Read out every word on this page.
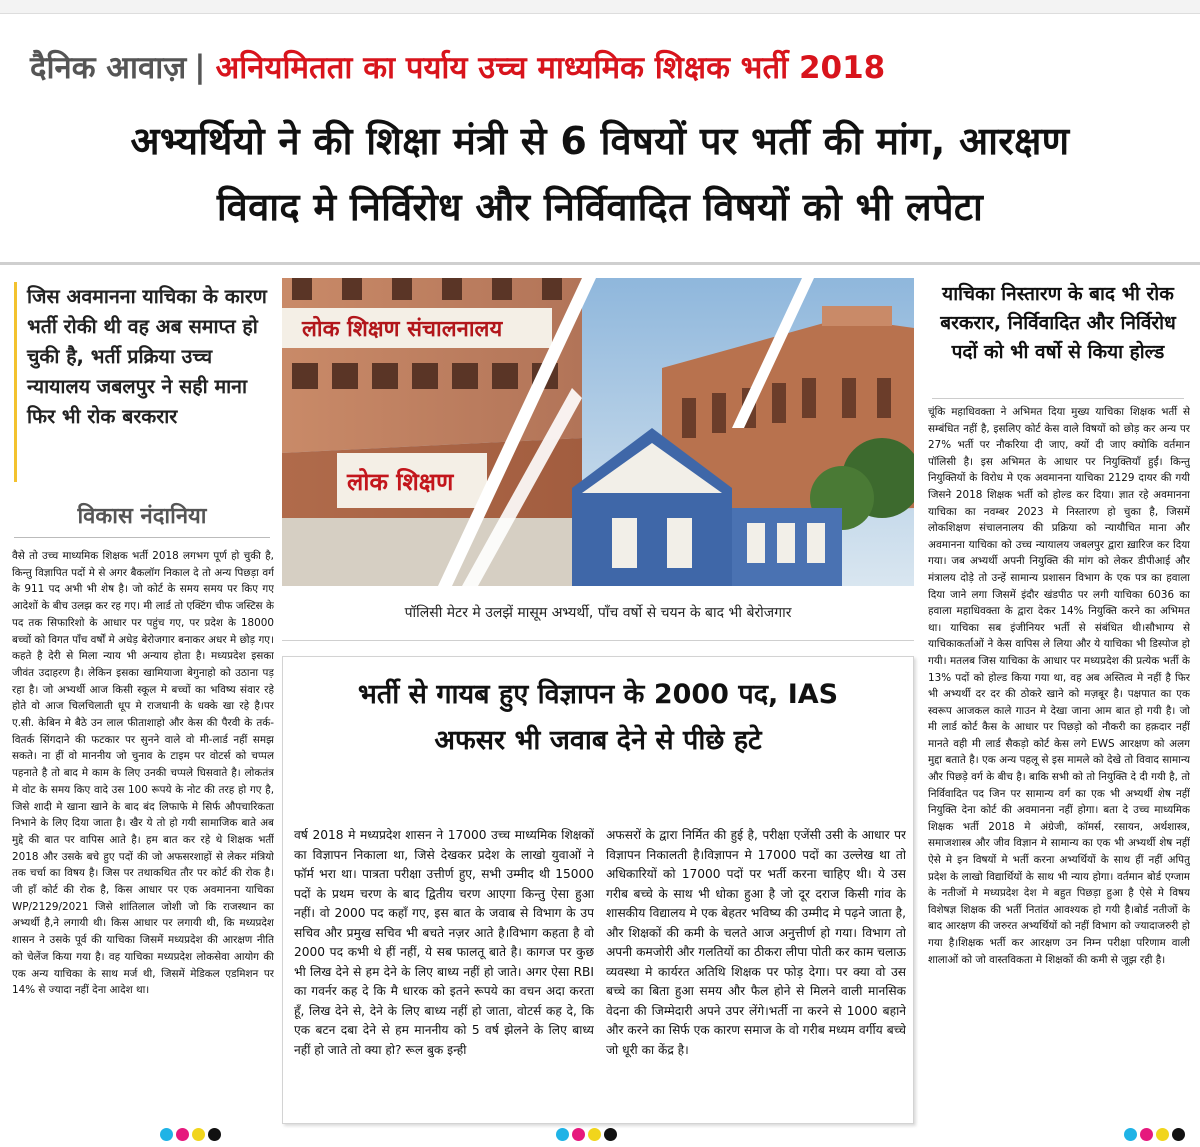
दैनिक आवाज़ | अनियमितता का पर्याय उच्च माध्यमिक शिक्षक भर्ती 2018
अभ्यर्थियो ने की शिक्षा मंत्री से 6 विषयों पर भर्ती की मांग, आरक्षण
विवाद मे निर्विरोध और निर्विवादित विषयों को भी लपेटा
जिस अवमानना याचिका के कारण भर्ती रोकी थी वह अब समाप्त हो चुकी है, भर्ती प्रक्रिया उच्च न्यायालय जबलपुर ने सही माना फिर भी रोक बरकरार
विकास नंदानिया
वैसे तो उच्च माध्यमिक शिक्षक भर्ती 2018 लगभग पूर्ण हो चुकी है, किन्तु विज्ञापित पदों मे से अगर बैकलॉग निकाल दे तो अन्य पिछड़ा वर्ग के 911 पद अभी भी शेष है। जो कोर्ट के समय समय पर किए गए आदेशों के बीच उलझ कर रह गए। मी लार्ड तो एक्टिंग चीफ जस्टिस के पद तक सिफारिशो के आधार पर पहुंच गए, पर प्रदेश के 18000 बच्चों को विगत पाँच वर्षों मे अधेड़ बेरोजगार बनाकर अधर मे छोड़ गए। कहते है देरी से मिला न्याय भी अन्याय होता है। मध्यप्रदेश इसका जीवंत उदाहरण है। लेकिन इसका खामियाजा बेगुनाहो को उठाना पड़ रहा है। जो अभ्यर्थी आज किसी स्कूल मे बच्चों का भविष्य संवार रहे होते वो आज चिलचिलाती धूप मे राजधानी के धक्के खा रहे है।पर ए.सी. केबिन मे बैठे उन लाल फीताशाहो और केस की पैरवी के तर्क-वितर्क सिंगदाने की फटकार पर सुनने वाले वो मी-लार्ड नहीं समझ सकते। ना हीं वो माननीय जो चुनाव के टाइम पर वोटर्स को चप्पल पहनाते है तो बाद मे काम के लिए उनकी चप्पले घिसवाते है। लोकतंत्र मे वोट के समय किए वादे उस 100 रूपये के नोट की तरह हो गए है, जिसे शादी मे खाना खाने के बाद बंद लिफाफे मे सिर्फ औपचारिकता निभाने के लिए दिया जाता है। खैर ये तो हो गयी सामाजिक बाते अब मुद्दे की बात पर वापिस आते है। हम बात कर रहे थे शिक्षक भर्ती 2018 और उसके बचे हुए पदों की जो अफसरशाहों से लेकर मंत्रियो तक चर्चा का विषय है। जिस पर तथाकथित तौर पर कोर्ट की रोक है। जी हाँ कोर्ट की रोक है, किस आधार पर एक अवमानना याचिका WP/2129/2021 जिसे शांतिलाल जोशी जो कि राजस्थान का अभ्यर्थी है,ने लगायी थी। किस आधार पर लगायी थी, कि मध्यप्रदेश शासन ने उसके पूर्व की याचिका जिसमें मध्यप्रदेश की आरक्षण नीति को चेलेंज किया गया है। वह याचिका मध्यप्रदेश लोकसेवा आयोग की एक अन्य याचिका के साथ मर्ज थी, जिसमें मेडिकल एडमिशन पर 14% से ज्यादा नहीं देना आदेश था।
लोक शिक्षण संचालनालय
लोक शिक्षण
पॉलिसी मेटर मे उलझें मासूम अभ्यर्थी, पाँच वर्षो से चयन के बाद भी बेरोजगार
भर्ती से गायब हुए विज्ञापन के 2000 पद, IAS
अफसर भी जवाब देने से पीछे हटे
वर्ष 2018 मे मध्यप्रदेश शासन ने 17000 उच्च माध्यमिक शिक्षकों का विज्ञापन निकाला था, जिसे देखकर प्रदेश के लाखो युवाओं ने फॉर्म भरा था। पात्रता परीक्षा उत्तीर्ण हुए, सभी उम्मीद थी 15000 पदों के प्रथम चरण के बाद द्वितीय चरण आएगा किन्तु ऐसा हुआ नहीं। वो 2000 पद कहाँ गए, इस बात के जवाब से विभाग के उप सचिव और प्रमुख सचिव भी बचते नज़र आते है।विभाग कहता है वो 2000 पद कभी थे हीं नहीं, ये सब फालतू बाते है। कागज पर कुछ भी लिख देने से हम देने के लिए बाध्य नहीं हो जाते। अगर ऐसा RBI का गवर्नर कह दे कि मै धारक को इतने रूपये का वचन अदा करता हूँ, लिख देने से, देने के लिए बाध्य नहीं हो जाता, वोटर्स कह दे, कि एक बटन दबा देने से हम माननीय को 5 वर्ष झेलने के लिए बाध्य नहीं हो जाते तो क्या हो? रूल बुक इन्ही
अफसरों के द्वारा निर्मित की हुई है, परीक्षा एजेंसी उसी के आधार पर विज्ञापन निकालती है।विज्ञापन मे 17000 पदों का उल्लेख था तो अधिकारियों को 17000 पदों पर भर्ती करना चाहिए थी। ये उस गरीब बच्चे के साथ भी धोका हुआ है जो दूर दराज किसी गांव के शासकीय विद्यालय मे एक बेहतर भविष्य की उम्मीद मे पढ़ने जाता है, और शिक्षकों की कमी के चलते आज अनुत्तीर्ण हो गया। विभाग तो अपनी कमजोरी और गलतियों का ठीकरा लीपा पोती कर काम चलाऊ व्यवस्था मे कार्यरत अतिथि शिक्षक पर फोड़ देगा। पर क्या वो उस बच्चे का बिता हुआ समय और फैल होने से मिलने वाली मानसिक वेदना की जिम्मेदारी अपने उपर लेंगे।भर्ती ना करने से 1000 बहाने और करने का सिर्फ एक कारण समाज के वो गरीब मध्यम वर्गीय बच्चे जो धूरी का केंद्र है।
याचिका निस्तारण के बाद भी रोक बरकरार, निर्विवादित और निर्विरोध पदों को भी वर्षो से किया होल्ड
चूंकि महाधिवक्ता ने अभिमत दिया मुख्य याचिका शिक्षक भर्ती से सम्बंधित नहीं है, इसलिए कोर्ट केस वाले विषयों को छोड़ कर अन्य पर 27% भर्ती पर नौकरिया दी जाए, क्यों दी जाए क्योकि वर्तमान पॉलिसी है। इस अभिमत के आधार पर नियुक्तियाँ हुईं। किन्तु नियुक्तियों के विरोध मे एक अवमानना याचिका 2129 दायर की गयी जिसने 2018 शिक्षक भर्ती को होल्ड कर दिया। ज्ञात रहे अवमानना याचिका का नवम्बर 2023 मे निस्तारण हो चुका है, जिसमें लोकशिक्षण संचालनालय की प्रक्रिया को न्यायौचित माना और अवमानना याचिका को उच्च न्यायालय जबलपुर द्वारा ख़ारिज कर दिया गया। जब अभ्यर्थी अपनी नियुक्ति की मांग को लेकर डीपीआई और मंत्रालय दोड़े तो उन्हें सामान्य प्रशासन विभाग के एक पत्र का हवाला दिया जाने लगा जिसमें इंदौर खंडपीठ पर लगी याचिका 6036 का हवाला महाधिवक्ता के द्वारा देकर 14% नियुक्ति करने का अभिमत था। याचिका सब इंजीनियर भर्ती से संबंधित थी।सौभाग्य से याचिकाकर्ताओं ने केस वापिस ले लिया और ये याचिका भी डिस्पोज हो गयी। मतलब जिस याचिका के आधार पर मध्यप्रदेश की प्रत्येक भर्ती के 13% पदों को होल्ड किया गया था, वह अब अस्तित्व मे नहीं है फिर भी अभ्यर्थी दर दर की ठोकरे खाने को मज़बूर है। पक्षपात का एक स्वरूप आजकल काले गाउन मे देखा जाना आम बात हो गयी है। जो मी लार्ड कोर्ट कैस के आधार पर पिछड़ो को नौकरी का हक़दार नहीं मानते वही मी लार्ड सैकड़ो कोर्ट केस लगे EWS आरक्षण को अलग मुद्दा बताते है। एक अन्य पहलू से इस मामले को देखे तो विवाद सामान्य और पिछड़े वर्ग के बीच है। बाकि सभी को तो नियुक्ति दे दी गयी है, तो निर्विवादित पद जिन पर सामान्य वर्ग का एक भी अभ्यर्थी शेष नहीं नियुक्ति देना कोर्ट की अवमानना नहीं होगा। बता दे उच्च माध्यमिक शिक्षक भर्ती 2018 मे अंग्रेजी, कॉमर्स, रसायन, अर्थशास्त्र, समाजशास्त्र और जीव विज्ञान मे सामान्य का एक भी अभ्यर्थी शेष नहीं ऐसे मे इन विषयों मे भर्ती करना अभ्यर्थियों के साथ हीं नहीं अपितु प्रदेश के लाखो विद्यार्थियों के साथ भी न्याय होगा। वर्तमान बोर्ड एग्जाम के नतीजों मे मध्यप्रदेश देश मे बहुत पिछड़ा हुआ है ऐसे मे विषय विशेषज्ञ शिक्षक की भर्ती नितांत आवश्यक हो गयी है।बोर्ड नतीजों के बाद आरक्षण की जरुरत अभ्यर्थियों को नहीं विभाग को ज्यादाजरुरी हो गया है।शिक्षक भर्ती कर आरक्षण उन निम्न परीक्षा परिणाम वाली शालाओं को जो वास्तविकता मे शिक्षकों की कमी से जूझ रही है।
